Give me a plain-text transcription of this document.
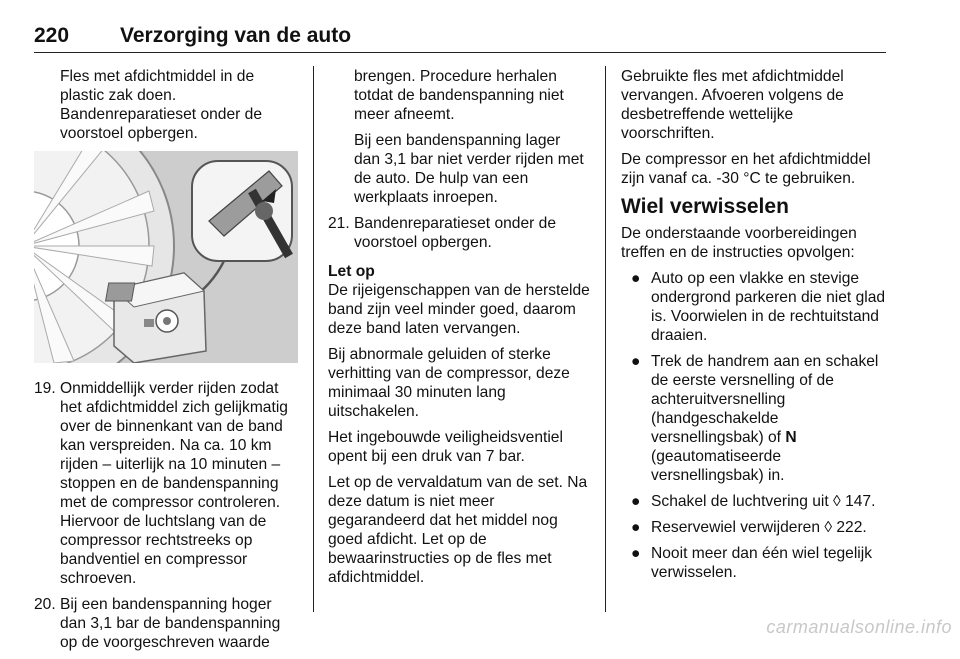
220 Verzorging van de auto

Fles met afdichtmiddel in de plastic zak doen. Bandenreparatieset onder de voorstoel opbergen.

19. Onmiddellijk verder rijden zodat het afdichtmiddel zich gelijkmatig over de binnenkant van de band kan verspreiden. Na ca. 10 km rijden – uiterlijk na 10 minuten – stoppen en de bandenspanning met de compressor controleren. Hiervoor de luchtslang van de compressor rechtstreeks op bandventiel en compressor schroeven.
20. Bij een bandenspanning hoger dan 3,1 bar de bandenspanning op de voorgeschreven waarde

brengen. Procedure herhalen totdat de bandenspanning niet meer afneemt.

Bij een bandenspanning lager dan 3,1 bar niet verder rijden met de auto. De hulp van een werkplaats inroepen.

21. Bandenreparatieset onder de voorstoel opbergen.

Let op

De rijeigenschappen van de herstelde band zijn veel minder goed, daarom deze band laten vervangen.

Bij abnormale geluiden of sterke verhitting van de compressor, deze minimaal 30 minuten lang uitschakelen.

Het ingebouwde veiligheidsventiel opent bij een druk van 7 bar.

Let op de vervaldatum van de set. Na deze datum is niet meer gegarandeerd dat het middel nog goed afdicht. Let op de bewaarinstructies op de fles met afdichtmiddel.

Gebruikte fles met afdichtmiddel vervangen. Afvoeren volgens de desbetreffende wettelijke voorschriften.

De compressor en het afdichtmiddel zijn vanaf ca. -30 °C te gebruiken.

Wiel verwisselen

De onderstaande voorbereidingen treffen en de instructies opvolgen:

● Auto op een vlakke en stevige ondergrond parkeren die niet glad is. Voorwielen in de rechtuitstand draaien.
● Trek de handrem aan en schakel de eerste versnelling of de achteruitversnelling (handgeschakelde versnellingsbak) of N (geautomatiseerde versnellingsbak) in.
● Schakel de luchtvering uit ◊ 147.
● Reservewiel verwijderen ◊ 222.
● Nooit meer dan één wiel tegelijk verwisselen.
carmanualsonline.info
